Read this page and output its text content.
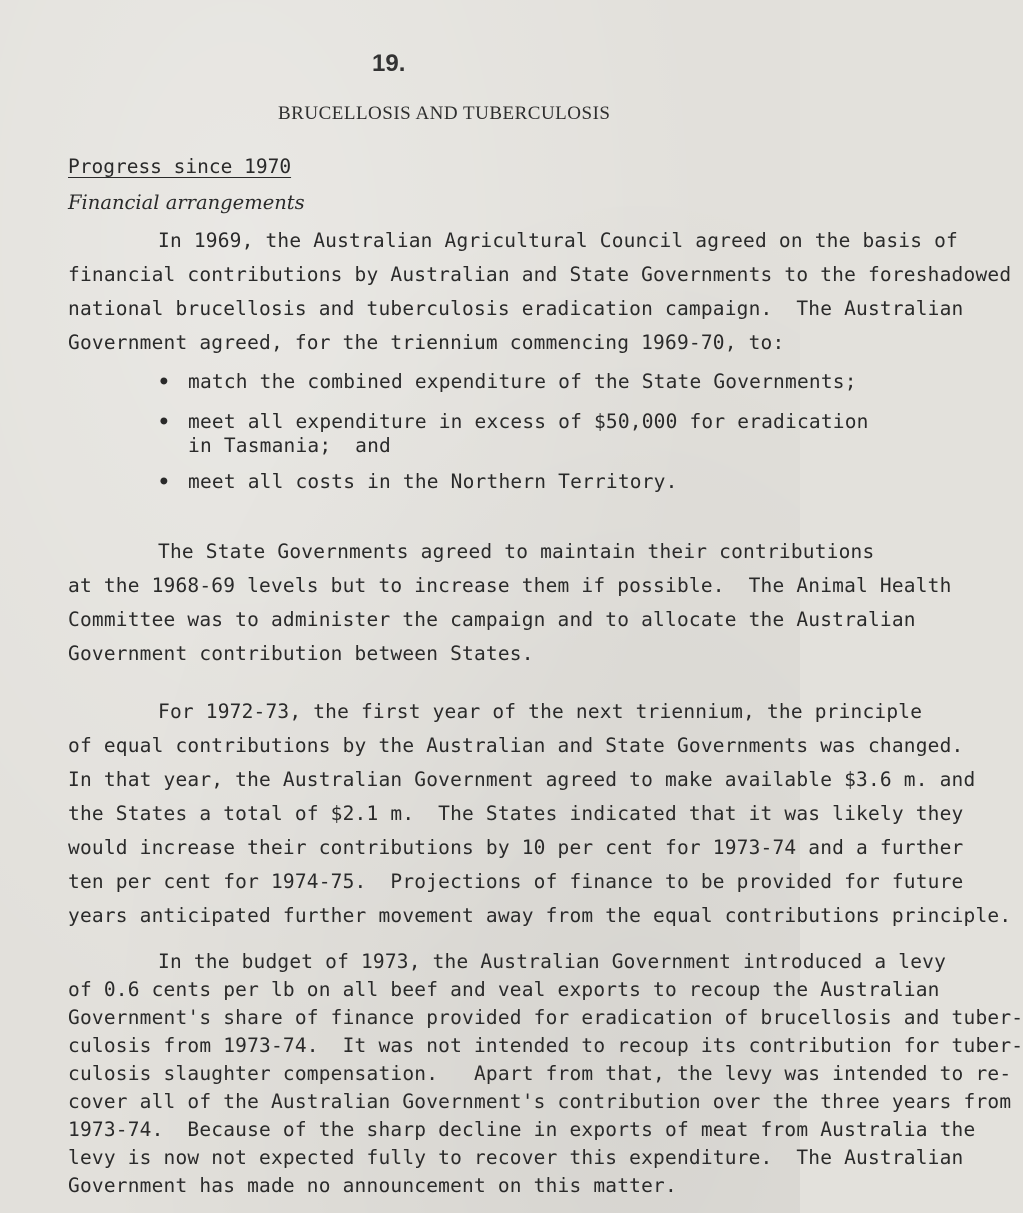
19.
BRUCELLOSIS AND TUBERCULOSIS
Progress since 1970
Financial arrangements
In 1969, the Australian Agricultural Council agreed on the basis of
financial contributions by Australian and State Governments to the foreshadowed
national brucellosis and tuberculosis eradication campaign.  The Australian
Government agreed, for the triennium commencing 1969-70, to:
• match the combined expenditure of the State Governments;
• meet all expenditure in excess of $50,000 for eradication
in Tasmania;  and
• meet all costs in the Northern Territory.
The State Governments agreed to maintain their contributions
at the 1968-69 levels but to increase them if possible.  The Animal Health
Committee was to administer the campaign and to allocate the Australian
Government contribution between States.
For 1972-73, the first year of the next triennium, the principle
of equal contributions by the Australian and State Governments was changed.
In that year, the Australian Government agreed to make available $3.6 m. and
the States a total of $2.1 m.  The States indicated that it was likely they
would increase their contributions by 10 per cent for 1973-74 and a further
ten per cent for 1974-75.  Projections of finance to be provided for future
years anticipated further movement away from the equal contributions principle.
In the budget of 1973, the Australian Government introduced a levy
of 0.6 cents per lb on all beef and veal exports to recoup the Australian
Government's share of finance provided for eradication of brucellosis and tuber-
culosis from 1973-74.  It was not intended to recoup its contribution for tuber-
culosis slaughter compensation.   Apart from that, the levy was intended to re-
cover all of the Australian Government's contribution over the three years from
1973-74.  Because of the sharp decline in exports of meat from Australia the
levy is now not expected fully to recover this expenditure.  The Australian
Government has made no announcement on this matter.
